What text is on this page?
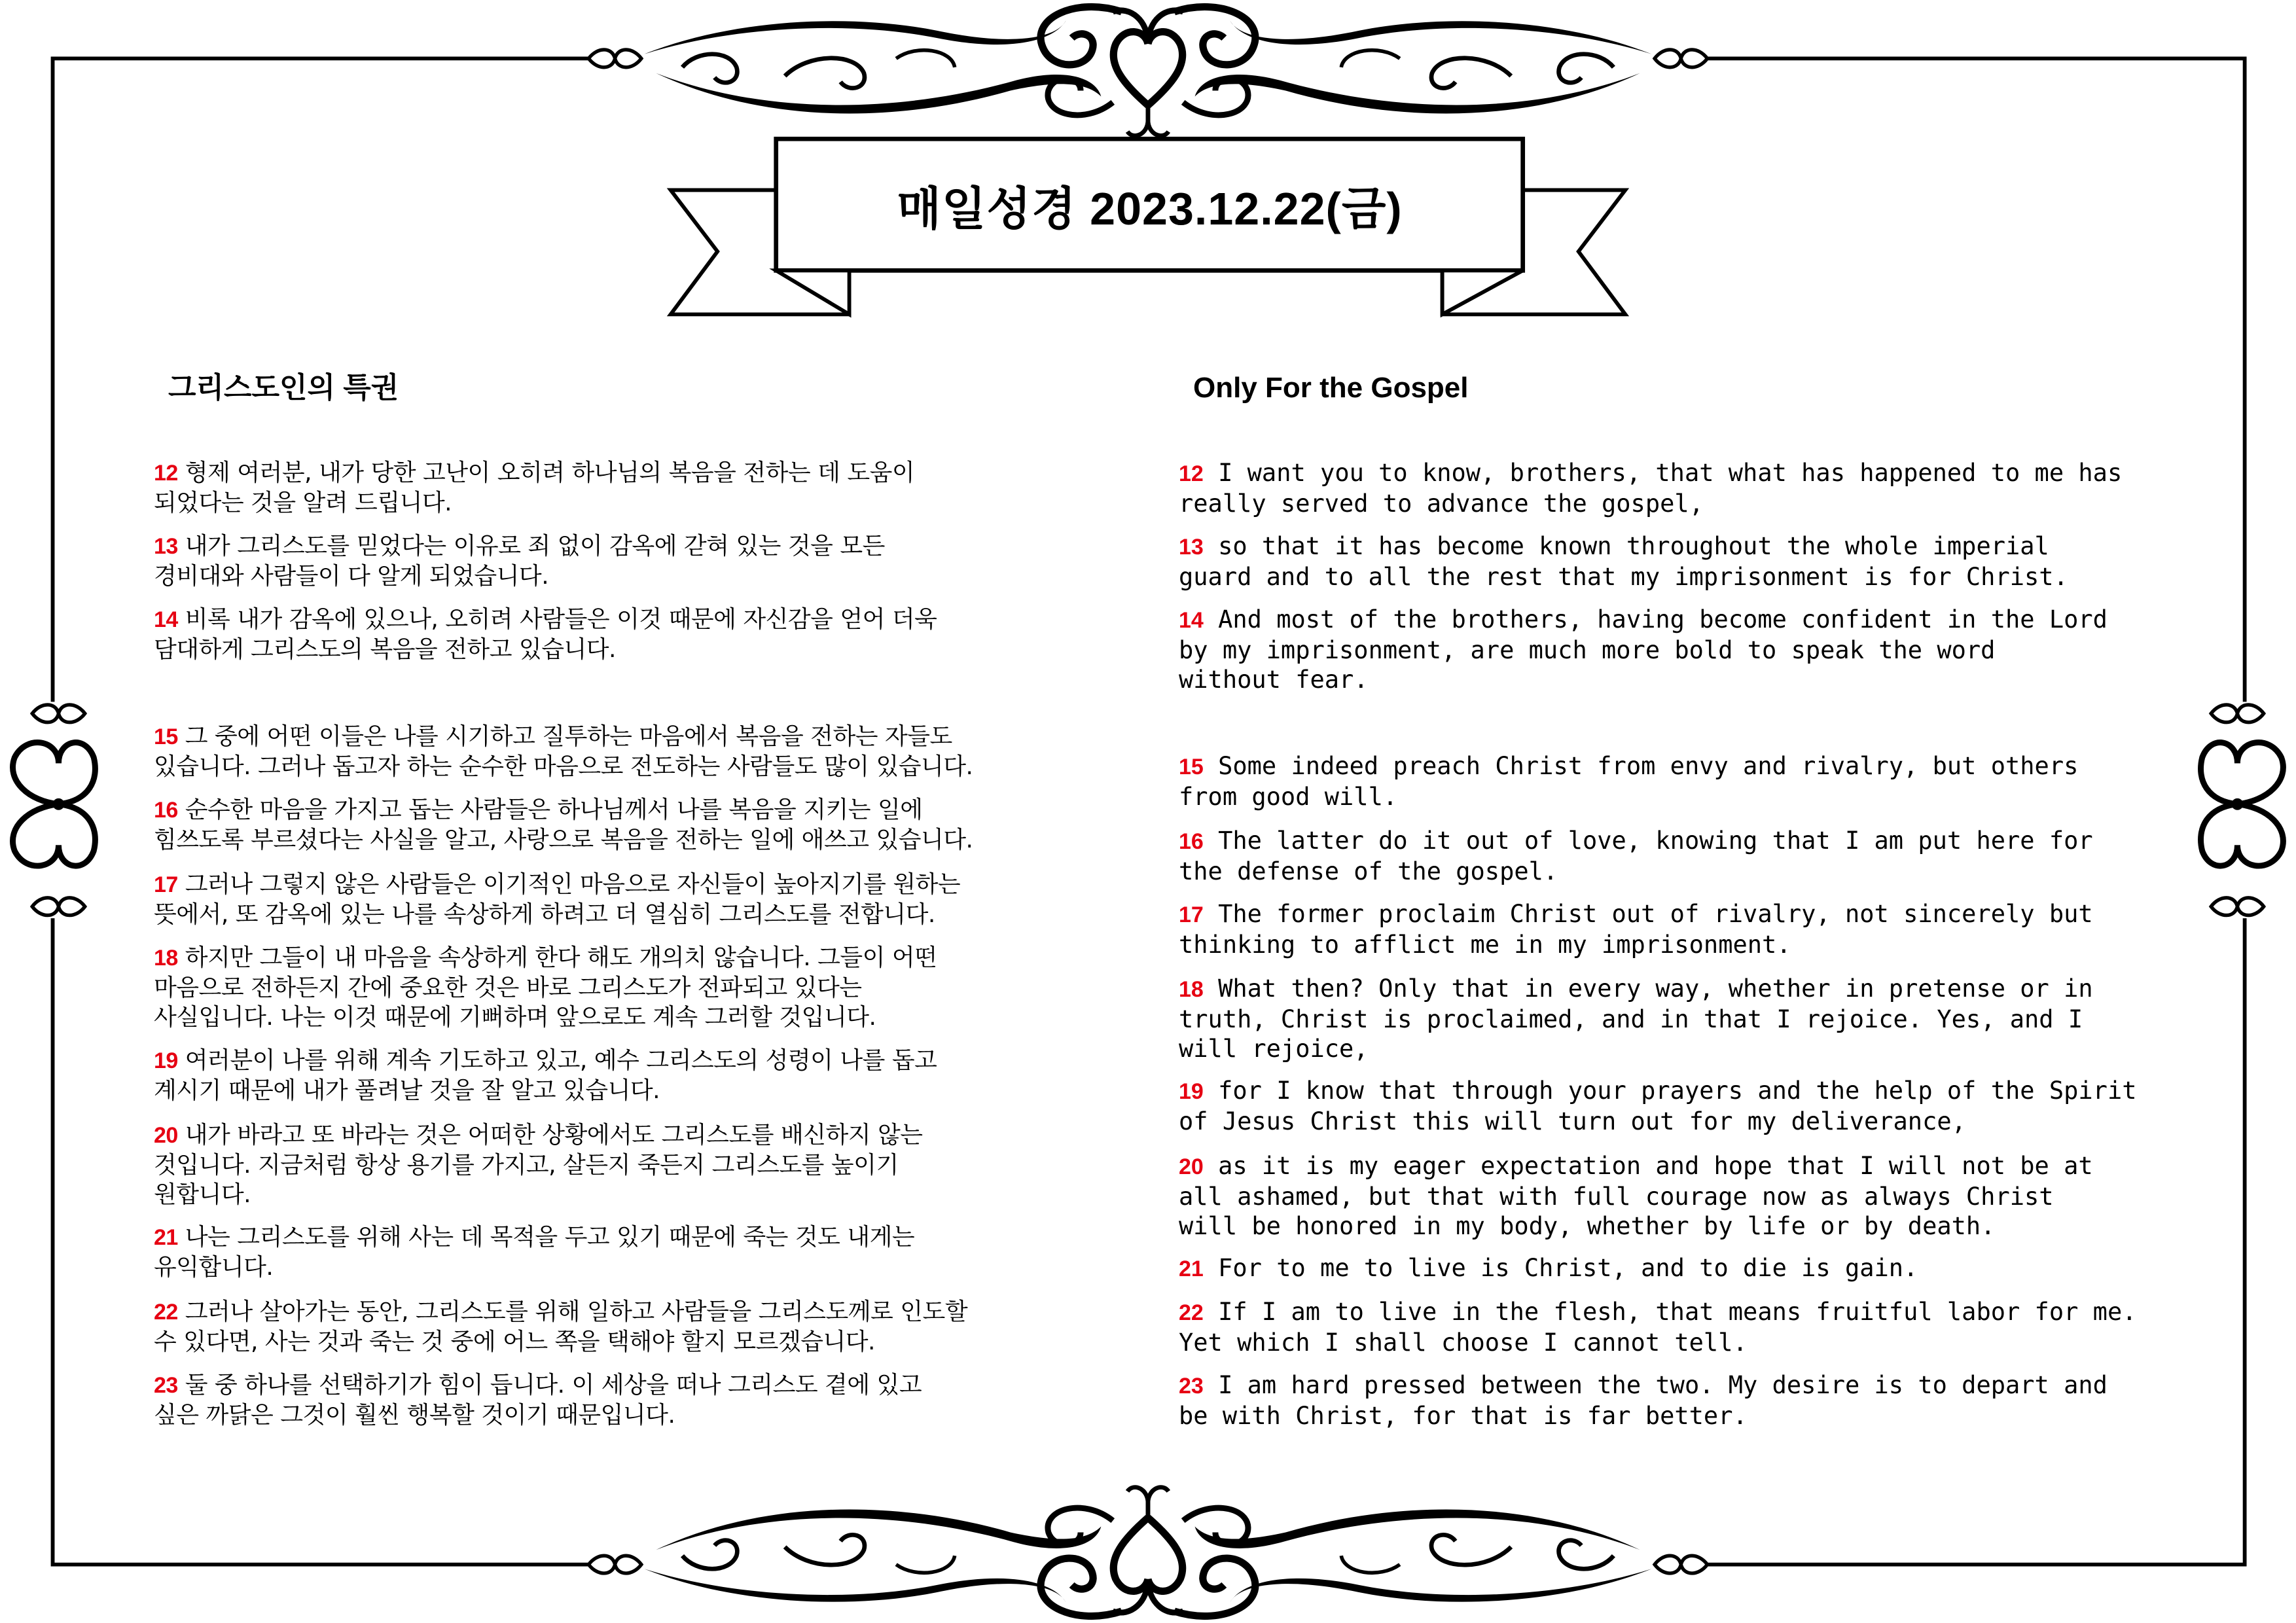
매일성경 2023.12.22(금)
그리스도인의 특권	Only For the Gospel
12 형제 여러분, 내가 당한 고난이 오히려 하나님의 복음을 전하는 데 도움이
되었다는 것을 알려 드립니다.
13 내가 그리스도를 믿었다는 이유로 죄 없이 감옥에 갇혀 있는 것을 모든
경비대와 사람들이 다 알게 되었습니다.
14 비록 내가 감옥에 있으나, 오히려 사람들은 이것 때문에 자신감을 얻어 더욱
담대하게 그리스도의 복음을 전하고 있습니다.
15 그 중에 어떤 이들은 나를 시기하고 질투하는 마음에서 복음을 전하는 자들도
있습니다. 그러나 돕고자 하는 순수한 마음으로 전도하는 사람들도 많이 있습니다.
16 순수한 마음을 가지고 돕는 사람들은 하나님께서 나를 복음을 지키는 일에
힘쓰도록 부르셨다는 사실을 알고, 사랑으로 복음을 전하는 일에 애쓰고 있습니다.
17 그러나 그렇지 않은 사람들은 이기적인 마음으로 자신들이 높아지기를 원하는
뜻에서, 또 감옥에 있는 나를 속상하게 하려고 더 열심히 그리스도를 전합니다.
18 하지만 그들이 내 마음을 속상하게 한다 해도 개의치 않습니다. 그들이 어떤
마음으로 전하든지 간에 중요한 것은 바로 그리스도가 전파되고 있다는
사실입니다. 나는 이것 때문에 기뻐하며 앞으로도 계속 그러할 것입니다.
19 여러분이 나를 위해 계속 기도하고 있고, 예수 그리스도의 성령이 나를 돕고
계시기 때문에 내가 풀려날 것을 잘 알고 있습니다.
20 내가 바라고 또 바라는 것은 어떠한 상황에서도 그리스도를 배신하지 않는
것입니다. 지금처럼 항상 용기를 가지고, 살든지 죽든지 그리스도를 높이기
원합니다.
21 나는 그리스도를 위해 사는 데 목적을 두고 있기 때문에 죽는 것도 내게는
유익합니다.
22 그러나 살아가는 동안, 그리스도를 위해 일하고 사람들을 그리스도께로 인도할
수 있다면, 사는 것과 죽는 것 중에 어느 쪽을 택해야 할지 모르겠습니다.
23 둘 중 하나를 선택하기가 힘이 듭니다. 이 세상을 떠나 그리스도 곁에 있고
싶은 까닭은 그것이 훨씬 행복할 것이기 때문입니다.
12 I want you to know, brothers, that what has happened to me has
really served to advance the gospel,
13 so that it has become known throughout the whole imperial
guard and to all the rest that my imprisonment is for Christ.
14 And most of the brothers, having become confident in the Lord
by my imprisonment, are much more bold to speak the word
without fear.
15 Some indeed preach Christ from envy and rivalry, but others
from good will.
16 The latter do it out of love, knowing that I am put here for
the defense of the gospel.
17 The former proclaim Christ out of rivalry, not sincerely but
thinking to afflict me in my imprisonment.
18 What then? Only that in every way, whether in pretense or in
truth, Christ is proclaimed, and in that I rejoice. Yes, and I
will rejoice,
19 for I know that through your prayers and the help of the Spirit
of Jesus Christ this will turn out for my deliverance,
20 as it is my eager expectation and hope that I will not be at
all ashamed, but that with full courage now as always Christ
will be honored in my body, whether by life or by death.
21 For to me to live is Christ, and to die is gain.
22 If I am to live in the flesh, that means fruitful labor for me.
Yet which I shall choose I cannot tell.
23 I am hard pressed between the two. My desire is to depart and
be with Christ, for that is far better.
